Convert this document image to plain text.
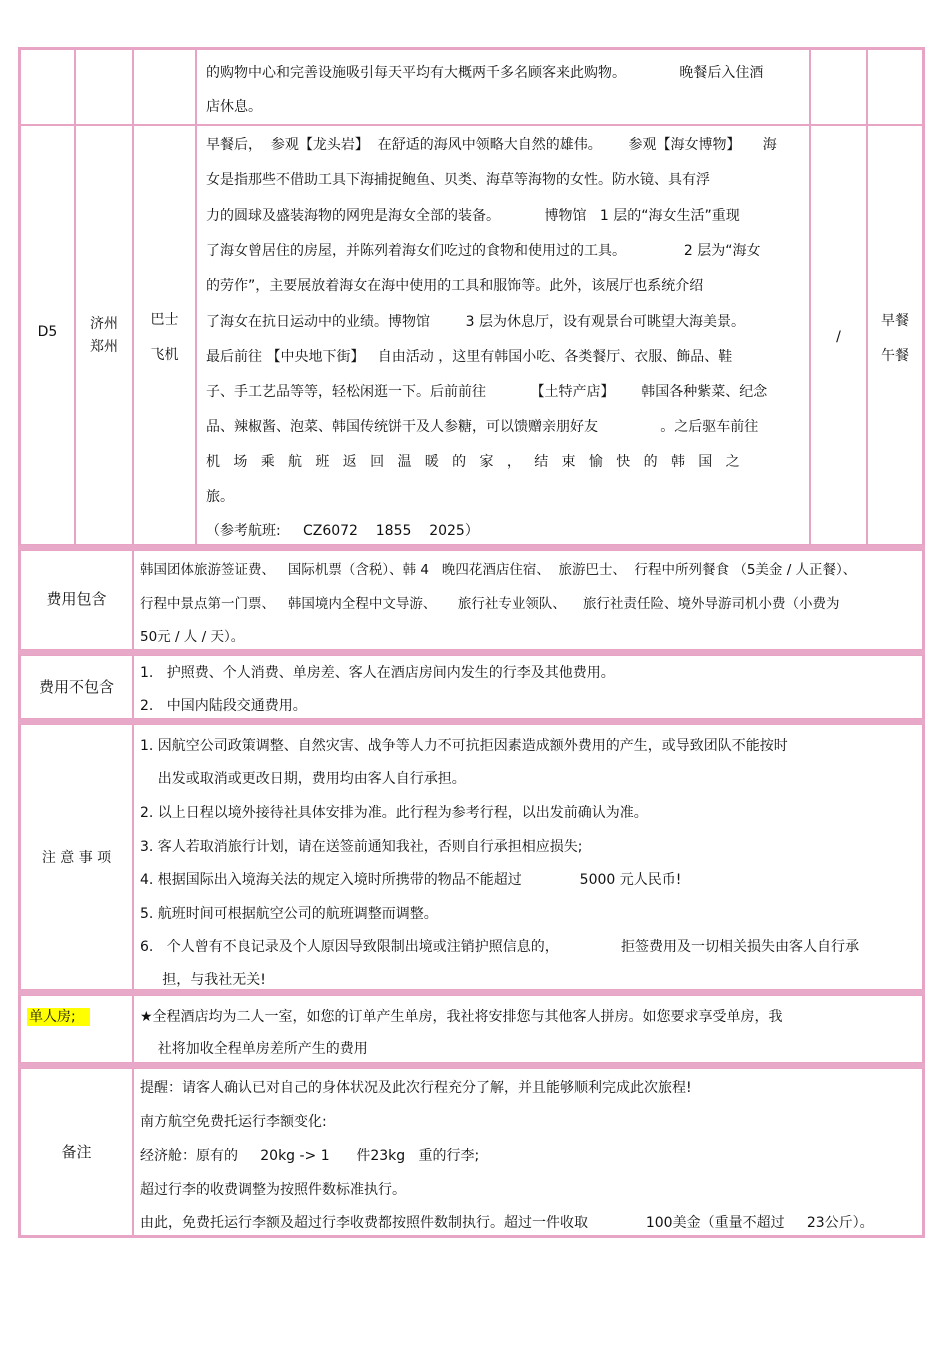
的购物中心和完善设施吸引每天平均有大概两千多名顾客来此购物。            晚餐后入住酒
店休息。
D5	济州
郑州
巴士
飞机
早餐后，  参观【龙头岩】  在舒适的海风中领略大自然的雄伟。      参观【海女博物】     海
女是指那些不借助工具下海捕捉鲍鱼、贝类、海草等海物的女性。防水镜、具有浮
力的圆球及盛装海物的网兜是海女全部的装备。          博物馆   1 层的“海女生活”重现
了海女曾居住的房屋，并陈列着海女们吃过的食物和使用过的工具。             2 层为“海女
的劳作”，主要展放着海女在海中使用的工具和服饰等。此外，该展厅也系统介绍
了海女在抗日运动中的业绩。博物馆        3 层为休息厅，设有观景台可眺望大海美景。
最后前往 【中央地下街】   自由活动 ，这里有韩国小吃、各类餐厅、衣服、飾品、鞋
子、手工艺品等等，轻松闲逛一下。后前前往          【土特产店】      韩国各种紫菜、纪念
品、辣椒酱、泡菜、韩国传统饼干及人参糖，可以馈赠亲朋好友              。之后驱车前往
机   场   乘   航   班   返   回   温   暖   的   家   ，   结   束   愉   快   的   韩   国   之
旅。
（参考航班:     CZ6072    1855    2025）
/
早餐
午餐
费用包含
韩国团体旅游签证费、   国际机票（含税）、韩 4   晚四花酒店住宿、  旅游巴士、  行程中所列餐食 （5美金 / 人正餐）、
行程中景点第一门票、   韩国境内全程中文导游、     旅行社专业领队、    旅行社责任险、境外导游司机小费（小费为
50元 / 人 / 天）。
费用不包含
1.   护照费、个人消费、单房差、客人在酒店房间内发生的行李及其他费用。
2.   中国内陆段交通费用。
注 意 事 项
1. 因航空公司政策调整、自然灾害、战争等人力不可抗拒因素造成额外费用的产生，或导致团队不能按时
出发或取消或更改日期，费用均由客人自行承担。
2. 以上日程以境外接待社具体安排为准。此行程为参考行程，以出发前确认为准。
3. 客人若取消旅行计划，请在送签前通知我社，否则自行承担相应损失;
4. 根据国际出入境海关法的规定入境时所携带的物品不能超过             5000 元人民币!
5. 航班时间可根据航空公司的航班调整而调整。
6.   个人曾有不良记录及个人原因导致限制出境或注销护照信息的，              拒签费用及一切相关损失由客人自行承
担，与我社无关!
单人房;	★全程酒店均为二人一室，如您的订单产生单房，我社将安排您与其他客人拼房。如您要求享受单房，我
社将加收全程单房差所产生的费用
备注
提醒：请客人确认已对自己的身体状况及此次行程充分了解，并且能够顺利完成此次旅程!
南方航空免费托运行李额变化:
经济舱：原有的     20kg -> 1      件23kg   重的行李;
超过行李的收费调整为按照件数标准执行。
由此，免费托运行李额及超过行李收费都按照件数制执行。超过一件收取             100美金（重量不超过     23公斤）。
